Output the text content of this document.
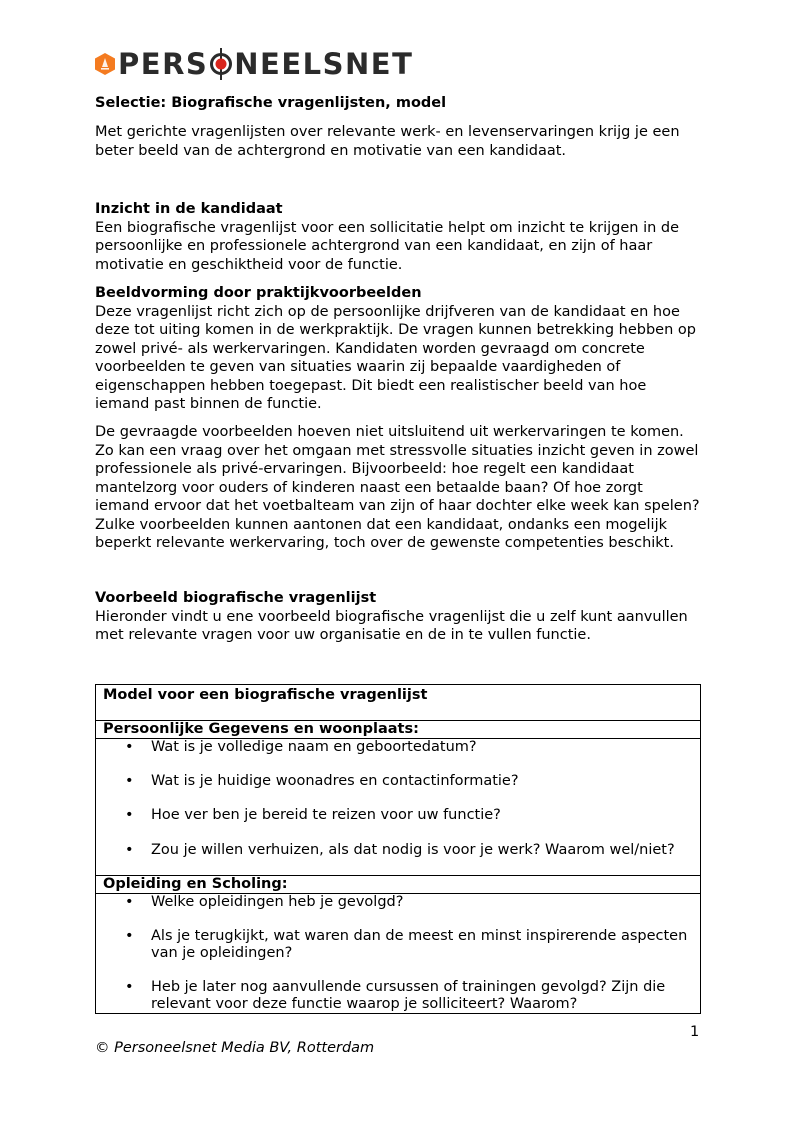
PERS NEELSNET
Selectie: Biografische vragenlijsten, model
Met gerichte vragenlijsten over relevante werk- en levenservaringen krijg je een beter beeld van de achtergrond en motivatie van een kandidaat.
Inzicht in de kandidaat

Een biografische vragenlijst voor een sollicitatie helpt om inzicht te krijgen in de persoonlijke en professionele achtergrond van een kandidaat, en zijn of haar motivatie en geschiktheid voor de functie.

Beeldvorming door praktijkvoorbeelden

Deze vragenlijst richt zich op de persoonlijke drijfveren van de kandidaat en hoe deze tot uiting komen in de werkpraktijk. De vragen kunnen betrekking hebben op zowel privé- als werkervaringen. Kandidaten worden gevraagd om concrete voorbeelden te geven van situaties waarin zij bepaalde vaardigheden of eigenschappen hebben toegepast. Dit biedt een realistischer beeld van hoe iemand past binnen de functie.

De gevraagde voorbeelden hoeven niet uitsluitend uit werkervaringen te komen. Zo kan een vraag over het omgaan met stressvolle situaties inzicht geven in zowel professionele als privé-ervaringen. Bijvoorbeeld: hoe regelt een kandidaat mantelzorg voor ouders of kinderen naast een betaalde baan? Of hoe zorgt iemand ervoor dat het voetbalteam van zijn of haar dochter elke week kan spelen? Zulke voorbeelden kunnen aantonen dat een kandidaat, ondanks een mogelijk beperkt relevante werkervaring, toch over de gewenste competenties beschikt.
Voorbeeld biografische vragenlijst

Hieronder vindt u ene voorbeeld biografische vragenlijst die u zelf kunt aanvullen met relevante vragen voor uw organisatie en de in te vullen functie.

Model voor een biografische vragenlijst
Persoonlijke Gegevens en woonplaats:
• Wat is je volledige naam en geboortedatum?
• Wat is je huidige woonadres en contactinformatie?
• Hoe ver ben je bereid te reizen voor uw functie?
• Zou je willen verhuizen, als dat nodig is voor je werk? Waarom wel/niet?
Opleiding en Scholing:
• Welke opleidingen heb je gevolgd?
• Als je terugkijkt, wat waren dan de meest en minst inspirerende aspecten van je opleidingen?
• Heb je later nog aanvullende cursussen of trainingen gevolgd? Zijn die relevant voor deze functie waarop je solliciteert? Waarom?
1
© Personeelsnet Media BV, Rotterdam
